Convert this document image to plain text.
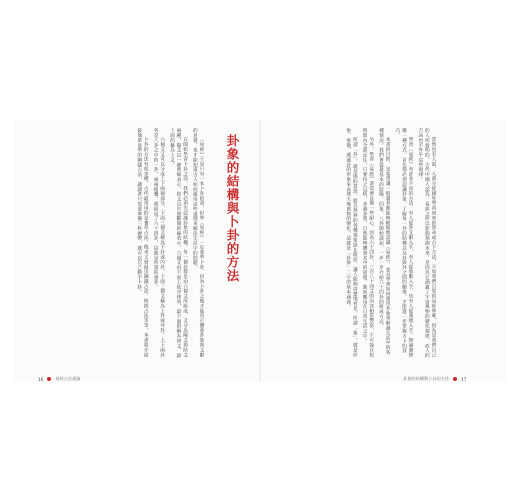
當然也有人說，大部分從國外學習而來的算命或占卜方法，不如我們自家的易經準確，因為是我們自己的人所發明的。古代中國人認為，易經之所以能夠預測未來，是因為它涵蓋了宇宙萬物的變化規律，而人的吉凶也不外乎這些規律。

學習《易經》有許多不同的方法，有人從卦爻辭入手，有人從象數入手，也有人從義理入手。無論選擇哪一種方式，首先都必須認識卦象，了解每一卦的結構以及卦與卦之間的關係，才能進一步掌握占卜的技巧。

本書的目的，是希望讓一般讀者都能夠輕鬆地認識《易經》，並且學會如何運用卦象來解讀生活中的各種情況。我們會從最基本的陰陽、四象、八卦開始談起，一步一步介紹六十四卦的組成方式。

另外，學習《易經》還需要具備一些耐心，因為六十四卦、三百八十四爻的內容相當豐富，不可能在短時間內全部記住。只要持之以恆，多讀多想，自然能夠體會其中的道理，進而應用在日常生活之中。

所謂「卦」，就是掛的意思，將自然界的各種現象掛在眼前，讓人能夠清楚地看見。所謂「象」，就是形象、象徵，透過卦的形象來表達天地萬物的變化。這就是「卦象」二字的基本涵義。

卦象的結構與卜卦的方法

《易經》不是只有一本卜卦的書，但學《易經》一定要學卜卦，因為卜卦之後才能真正體會卦象與爻辭的意義，也才能知道古人如何運用這些道理來解決生活中的問題。

在開始學習卜卦之前，我們必須先認識卦象的結構。每一個卦都是由六個爻所組成，爻分為陽爻與陰爻兩種，陽爻以一條實線表示，陰爻以中間斷開的線表示。六個爻由下而上依序排列，最下面的稱為初爻，最上面的稱為上爻。

六個爻又可以分成上下兩個部分，下面三個爻稱為下卦或內卦，上面三個爻稱為上卦或外卦。上下兩卦各是八卦之中的一卦，兩兩相疊，便組成了六十四卦，這就是所謂的重卦。

卜卦的方法有很多種，古代最常用的是蓍草占法，後來又發展出銅錢占法、時間占法等等。本書將介紹最簡單易學的銅錢占法，讓讀者只需要準備三枚硬幣，就可以自己動手卜卦。

16	易經占法通論	卦象的結構與卜卦的方法	17
